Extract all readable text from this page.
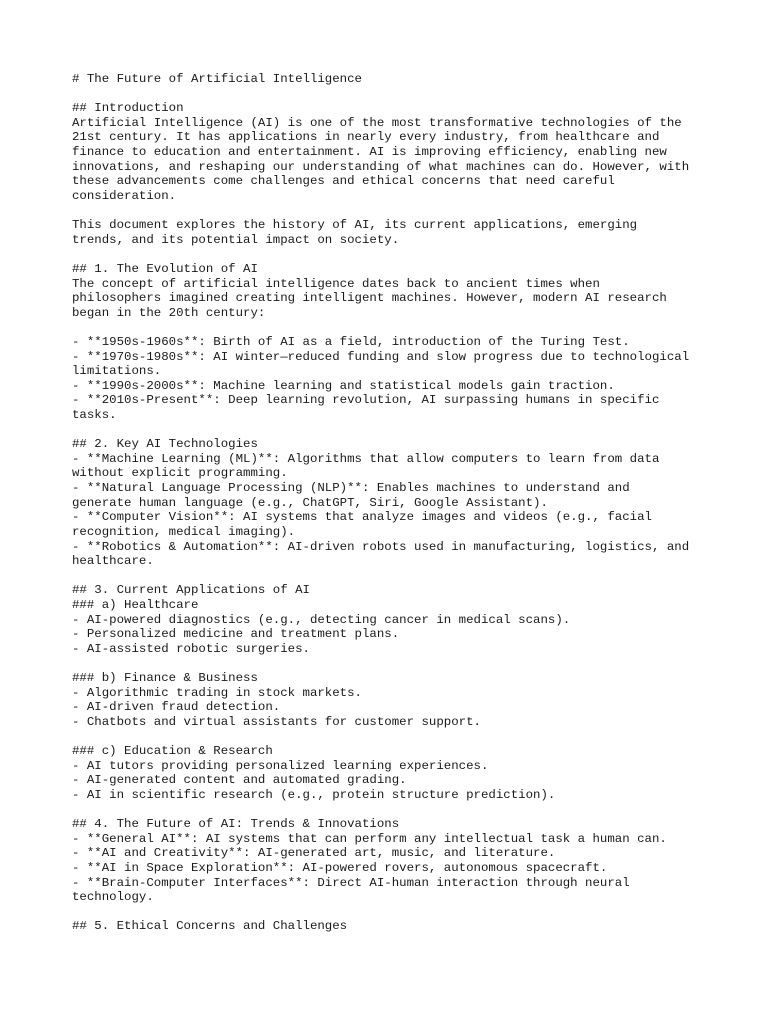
# The Future of Artificial Intelligence
## Introduction
Artificial Intelligence (AI) is one of the most transformative technologies of the
21st century. It has applications in nearly every industry, from healthcare and
finance to education and entertainment. AI is improving efficiency, enabling new
innovations, and reshaping our understanding of what machines can do. However, with
these advancements come challenges and ethical concerns that need careful
consideration.
This document explores the history of AI, its current applications, emerging
trends, and its potential impact on society.
## 1. The Evolution of AI
The concept of artificial intelligence dates back to ancient times when
philosophers imagined creating intelligent machines. However, modern AI research
began in the 20th century:
- **1950s-1960s**: Birth of AI as a field, introduction of the Turing Test.
- **1970s-1980s**: AI winter—reduced funding and slow progress due to technological
limitations.
- **1990s-2000s**: Machine learning and statistical models gain traction.
- **2010s-Present**: Deep learning revolution, AI surpassing humans in specific
tasks.
## 2. Key AI Technologies
- **Machine Learning (ML)**: Algorithms that allow computers to learn from data
without explicit programming.
- **Natural Language Processing (NLP)**: Enables machines to understand and
generate human language (e.g., ChatGPT, Siri, Google Assistant).
- **Computer Vision**: AI systems that analyze images and videos (e.g., facial
recognition, medical imaging).
- **Robotics & Automation**: AI-driven robots used in manufacturing, logistics, and
healthcare.
## 3. Current Applications of AI
### a) Healthcare
- AI-powered diagnostics (e.g., detecting cancer in medical scans).
- Personalized medicine and treatment plans.
- AI-assisted robotic surgeries.
### b) Finance & Business
- Algorithmic trading in stock markets.
- AI-driven fraud detection.
- Chatbots and virtual assistants for customer support.
### c) Education & Research
- AI tutors providing personalized learning experiences.
- AI-generated content and automated grading.
- AI in scientific research (e.g., protein structure prediction).
## 4. The Future of AI: Trends & Innovations
- **General AI**: AI systems that can perform any intellectual task a human can.
- **AI and Creativity**: AI-generated art, music, and literature.
- **AI in Space Exploration**: AI-powered rovers, autonomous spacecraft.
- **Brain-Computer Interfaces**: Direct AI-human interaction through neural
technology.
## 5. Ethical Concerns and Challenges
